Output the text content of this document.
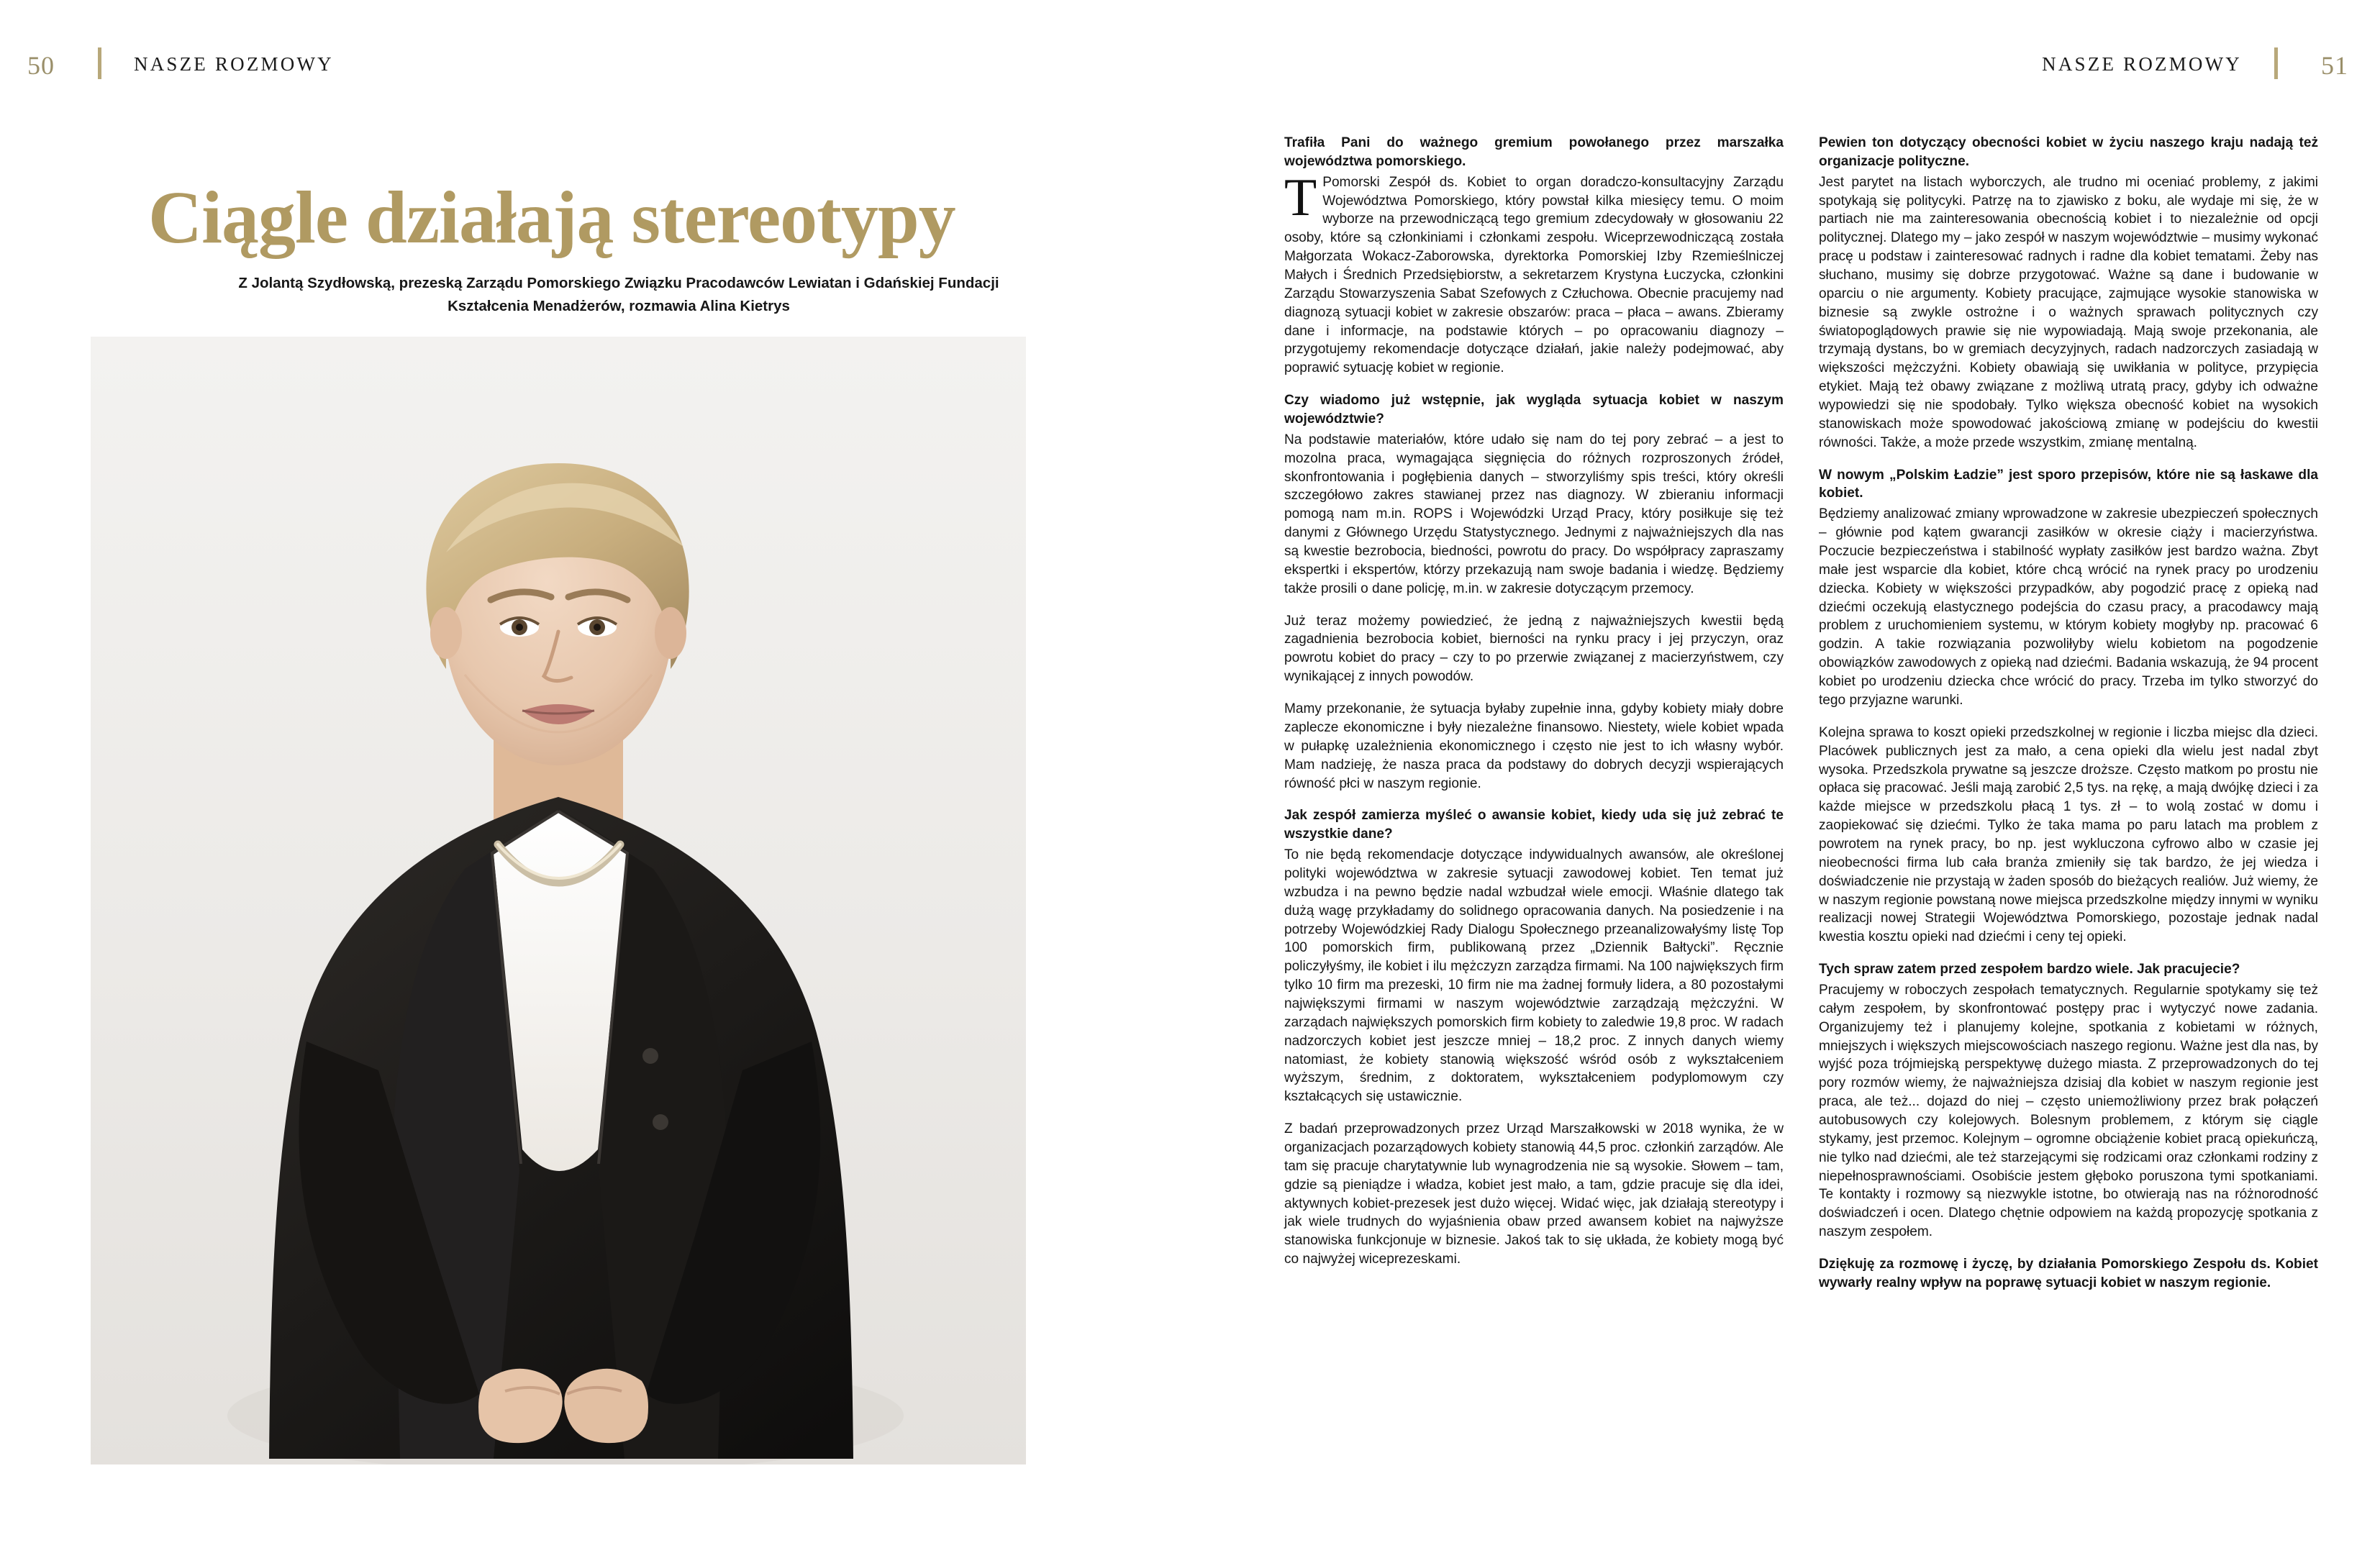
50	NASZE ROZMOWY	NASZE ROZMOWY	51
Ciągle działają stereotypy
Z Jolantą Szydłowską, prezeską Zarządu Pomorskiego Związku Pracodawców Lewiatan i Gdańskiej Fundacji Kształcenia Menadżerów, rozmawia Alina Kietrys

Trafiła Pani do ważnego gremium powołanego przez marszałka województwa pomorskiego.

T Pomorski Zespół ds. Kobiet to organ doradczo-konsultacyjny Zarządu Województwa Pomorskiego, który powstał kilka miesięcy temu. O moim wyborze na przewodniczącą tego gremium zdecydowały w głosowaniu 22 osoby, które są członkiniami i członkami zespołu. Wiceprzewodniczącą została Małgorzata Wokacz-Zaborowska, dyrektorka Pomorskiej Izby Rzemieślniczej Małych i Średnich Przedsiębiorstw, a sekretarzem Krystyna Łuczycka, członkini Zarządu Stowarzyszenia Sabat Szefowych z Człuchowa. Obecnie pracujemy nad diagnozą sytuacji kobiet w zakresie obszarów: praca – płaca – awans. Zbieramy dane i informacje, na podstawie których – po opracowaniu diagnozy – przygotujemy rekomendacje dotyczące działań, jakie należy podejmować, aby poprawić sytuację kobiet w regionie.

Czy wiadomo już wstępnie, jak wygląda sytuacja kobiet w naszym województwie?

Na podstawie materiałów, które udało się nam do tej pory zebrać – a jest to mozolna praca, wymagająca sięgnięcia do różnych rozproszonych źródeł, skonfrontowania i pogłębienia danych – stworzyliśmy spis treści, który określi szczegółowo zakres stawianej przez nas diagnozy. W zbieraniu informacji pomogą nam m.in. ROPS i Wojewódzki Urząd Pracy, który posiłkuje się też danymi z Głównego Urzędu Statystycznego. Jednymi z najważniejszych dla nas są kwestie bezrobocia, biedności, powrotu do pracy. Do współpracy zapraszamy ekspertki i ekspertów, którzy przekazują nam swoje badania i wiedzę. Będziemy także prosili o dane policję, m.in. w zakresie dotyczącym przemocy.

Już teraz możemy powiedzieć, że jedną z najważniejszych kwestii będą zagadnienia bezrobocia kobiet, bierności na rynku pracy i jej przyczyn, oraz powrotu kobiet do pracy – czy to po przerwie związanej z macierzyństwem, czy wynikającej z innych powodów.

Mamy przekonanie, że sytuacja byłaby zupełnie inna, gdyby kobiety miały dobre zaplecze ekonomiczne i były niezależne finansowo. Niestety, wiele kobiet wpada w pułapkę uzależnienia ekonomicznego i często nie jest to ich własny wybór. Mam nadzieję, że nasza praca da podstawy do dobrych decyzji wspierających równość płci w naszym regionie.

Jak zespół zamierza myśleć o awansie kobiet, kiedy uda się już zebrać te wszystkie dane?

To nie będą rekomendacje dotyczące indywidualnych awansów, ale określonej polityki województwa w zakresie sytuacji zawodowej kobiet. Ten temat już wzbudza i na pewno będzie nadal wzbudzał wiele emocji. Właśnie dlatego tak dużą wagę przykładamy do solidnego opracowania danych. Na posiedzenie i na potrzeby Wojewódzkiej Rady Dialogu Społecznego przeanalizowałyśmy listę Top 100 pomorskich firm, publikowaną przez „Dziennik Bałtycki”. Ręcznie policzyłyśmy, ile kobiet i ilu mężczyzn zarządza firmami. Na 100 największych firm tylko 10 firm ma prezeski, 10 firm nie ma żadnej formuły lidera, a 80 pozostałymi największymi firmami w naszym województwie zarządzają mężczyźni. W zarządach największych pomorskich firm kobiety to zaledwie 19,8 proc. W radach nadzorczych kobiet jest jeszcze mniej – 18,2 proc. Z innych danych wiemy natomiast, że kobiety stanowią większość wśród osób z wykształceniem wyższym, średnim, z doktoratem, wykształceniem podyplomowym czy kształcących się ustawicznie.

Z badań przeprowadzonych przez Urząd Marszałkowski w 2018 wynika, że w organizacjach pozarządowych kobiety stanowią 44,5 proc. członkiń zarządów. Ale tam się pracuje charytatywnie lub wynagrodzenia nie są wysokie. Słowem – tam, gdzie są pieniądze i władza, kobiet jest mało, a tam, gdzie pracuje się dla idei, aktywnych kobiet-prezesek jest dużo więcej. Widać więc, jak działają stereotypy i jak wiele trudnych do wyjaśnienia obaw przed awansem kobiet na najwyższe stanowiska funkcjonuje w biznesie. Jakoś tak to się układa, że kobiety mogą być co najwyżej wiceprezeskami.

Pewien ton dotyczący obecności kobiet w życiu naszego kraju nadają też organizacje polityczne.

Jest parytet na listach wyborczych, ale trudno mi oceniać problemy, z jakimi spotykają się politycyki. Patrzę na to zjawisko z boku, ale wydaje mi się, że w partiach nie ma zainteresowania obecnością kobiet i to niezależnie od opcji politycznej. Dlatego my – jako zespół w naszym województwie – musimy wykonać pracę u podstaw i zainteresować radnych i radne dla kobiet tematami. Żeby nas słuchano, musimy się dobrze przygotować. Ważne są dane i budowanie w oparciu o nie argumenty. Kobiety pracujące, zajmujące wysokie stanowiska w biznesie są zwykle ostrożne i o ważnych sprawach politycznych czy światopoglądowych prawie się nie wypowiadają. Mają swoje przekonania, ale trzymają dystans, bo w gremiach decyzyjnych, radach nadzorczych zasiadają w większości mężczyźni. Kobiety obawiają się uwikłania w polityce, przypięcia etykiet. Mają też obawy związane z możliwą utratą pracy, gdyby ich odważne wypowiedzi się nie spodobały. Tylko większa obecność kobiet na wysokich stanowiskach może spowodować jakościową zmianę w podejściu do kwestii równości. Także, a może przede wszystkim, zmianę mentalną.

W nowym „Polskim Ładzie” jest sporo przepisów, które nie są łaskawe dla kobiet.

Będziemy analizować zmiany wprowadzone w zakresie ubezpieczeń społecznych – głównie pod kątem gwarancji zasiłków w okresie ciąży i macierzyństwa. Poczucie bezpieczeństwa i stabilność wypłaty zasiłków jest bardzo ważna. Zbyt małe jest wsparcie dla kobiet, które chcą wrócić na rynek pracy po urodzeniu dziecka. Kobiety w większości przypadków, aby pogodzić pracę z opieką nad dziećmi oczekują elastycznego podejścia do czasu pracy, a pracodawcy mają problem z uruchomieniem systemu, w którym kobiety mogłyby np. pracować 6 godzin. A takie rozwiązania pozwoliłyby wielu kobietom na pogodzenie obowiązków zawodowych z opieką nad dziećmi. Badania wskazują, że 94 procent kobiet po urodzeniu dziecka chce wrócić do pracy. Trzeba im tylko stworzyć do tego przyjazne warunki.

Kolejna sprawa to koszt opieki przedszkolnej w regionie i liczba miejsc dla dzieci. Placówek publicznych jest za mało, a cena opieki dla wielu jest nadal zbyt wysoka. Przedszkola prywatne są jeszcze droższe. Często matkom po prostu nie opłaca się pracować. Jeśli mają zarobić 2,5 tys. na rękę, a mają dwójkę dzieci i za każde miejsce w przedszkolu płacą 1 tys. zł – to wolą zostać w domu i zaopiekować się dziećmi. Tylko że taka mama po paru latach ma problem z powrotem na rynek pracy, bo np. jest wykluczona cyfrowo albo w czasie jej nieobecności firma lub cała branża zmieniły się tak bardzo, że jej wiedza i doświadczenie nie przystają w żaden sposób do bieżących realiów. Już wiemy, że w naszym regionie powstaną nowe miejsca przedszkolne między innymi w wyniku realizacji nowej Strategii Województwa Pomorskiego, pozostaje jednak nadal kwestia kosztu opieki nad dziećmi i ceny tej opieki.

Tych spraw zatem przed zespołem bardzo wiele. Jak pracujecie?

Pracujemy w roboczych zespołach tematycznych. Regularnie spotykamy się też całym zespołem, by skonfrontować postępy prac i wytyczyć nowe zadania. Organizujemy też i planujemy kolejne, spotkania z kobietami w różnych, mniejszych i większych miejscowościach naszego regionu. Ważne jest dla nas, by wyjść poza trójmiejską perspektywę dużego miasta. Z przeprowadzonych do tej pory rozmów wiemy, że najważniejsza dzisiaj dla kobiet w naszym regionie jest praca, ale też... dojazd do niej – często uniemożliwiony przez brak połączeń autobusowych czy kolejowych. Bolesnym problemem, z którym się ciągle stykamy, jest przemoc. Kolejnym – ogromne obciążenie kobiet pracą opiekuńczą, nie tylko nad dziećmi, ale też starzejącymi się rodzicami oraz członkami rodziny z niepełnosprawnościami. Osobiście jestem głęboko poruszona tymi spotkaniami. Te kontakty i rozmowy są niezwykle istotne, bo otwierają nas na różnorodność doświadczeń i ocen. Dlatego chętnie odpowiem na każdą propozycję spotkania z naszym zespołem.

Dziękuję za rozmowę i życzę, by działania Pomorskiego Zespołu ds. Kobiet wywarły realny wpływ na poprawę sytuacji kobiet w naszym regionie.
